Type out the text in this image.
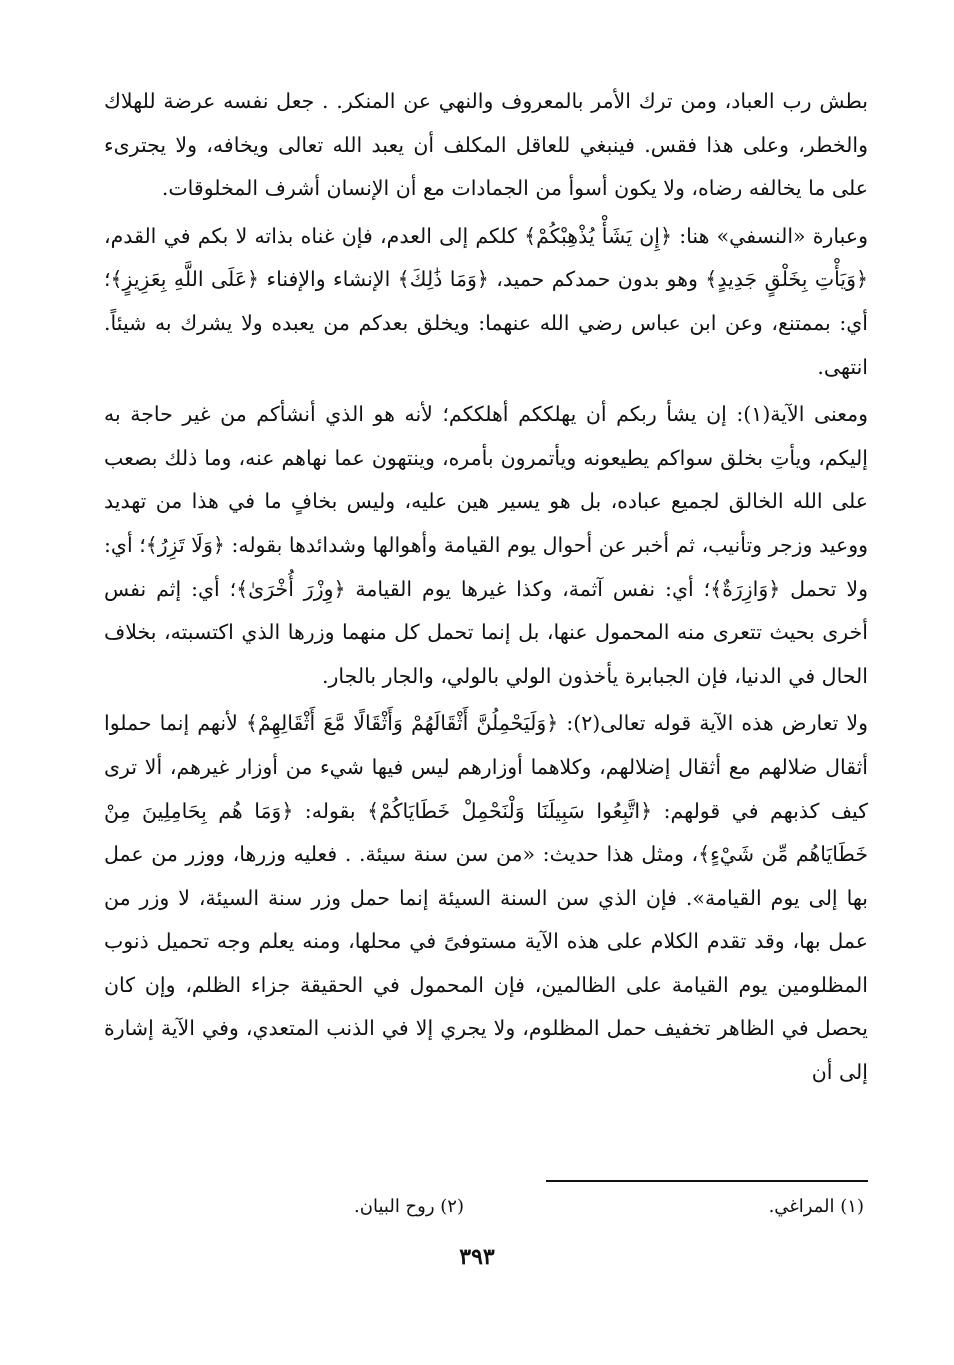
بطش رب العباد، ومن ترك الأمر بالمعروف والنهي عن المنكر. . جعل نفسه عرضة للهلاك والخطر، وعلى هذا فقس. فينبغي للعاقل المكلف أن يعبد الله تعالى ويخافه، ولا يجترىء على ما يخالفه رضاه، ولا يكون أسوأ من الجمادات مع أن الإنسان أشرف المخلوقات.

وعبارة «النسفي» هنا: ﴿إِن يَشَأْ يُذْهِبْكُمْ﴾ كلكم إلى العدم، فإن غناه بذاته لا بكم في القدم، ﴿وَيَأْتِ بِخَلْقٍ جَدِيدٍ﴾ وهو بدون حمدكم حميد، ﴿وَمَا ذَٰلِكَ﴾ الإنشاء والإفناء ﴿عَلَى اللَّهِ بِعَزِيزٍ﴾؛ أي: بممتنع، وعن ابن عباس رضي الله عنهما: ويخلق بعدكم من يعبده ولا يشرك به شيئاً. انتهى.

ومعنى الآية(١): إن يشأ ربكم أن يهلككم أهلككم؛ لأنه هو الذي أنشأكم من غير حاجة به إليكم، ويأتِ بخلق سواكم يطيعونه ويأتمرون بأمره، وينتهون عما نهاهم عنه، وما ذلك بصعب على الله الخالق لجميع عباده، بل هو يسير هين عليه، وليس بخافٍ ما في هذا من تهديد ووعيد وزجر وتأنيب، ثم أخبر عن أحوال يوم القيامة وأهوالها وشدائدها بقوله: ﴿وَلَا تَزِرُ﴾؛ أي: ولا تحمل ﴿وَازِرَةٌ﴾؛ أي: نفس آثمة، وكذا غيرها يوم القيامة ﴿وِزْرَ أُخْرَىٰ﴾؛ أي: إثم نفس أخرى بحيث تتعرى منه المحمول عنها، بل إنما تحمل كل منهما وزرها الذي اكتسبته، بخلاف الحال في الدنيا، فإن الجبابرة يأخذون الولي بالولي، والجار بالجار.

ولا تعارض هذه الآية قوله تعالى(٢): ﴿وَلَيَحْمِلُنَّ أَثْقَالَهُمْ وَأَثْقَالًا مَّعَ أَثْقَالِهِمْ﴾ لأنهم إنما حملوا أثقال ضلالهم مع أثقال إضلالهم، وكلاهما أوزارهم ليس فيها شيء من أوزار غيرهم، ألا ترى كيف كذبهم في قولهم: ﴿اتَّبِعُوا سَبِيلَنَا وَلْنَحْمِلْ خَطَايَاكُمْ﴾ بقوله: ﴿وَمَا هُم بِحَامِلِينَ مِنْ خَطَايَاهُم مِّن شَيْءٍ﴾، ومثل هذا حديث: «من سن سنة سيئة. . فعليه وزرها، ووزر من عمل بها إلى يوم القيامة». فإن الذي سن السنة السيئة إنما حمل وزر سنة السيئة، لا وزر من عمل بها، وقد تقدم الكلام على هذه الآية مستوفىً في محلها، ومنه يعلم وجه تحميل ذنوب المظلومين يوم القيامة على الظالمين، فإن المحمول في الحقيقة جزاء الظلم، وإن كان يحصل في الظاهر تخفيف حمل المظلوم، ولا يجري إلا في الذنب المتعدي، وفي الآية إشارة إلى أن

(١) المراغي.
(٢) روح البيان.
٣٩٣
